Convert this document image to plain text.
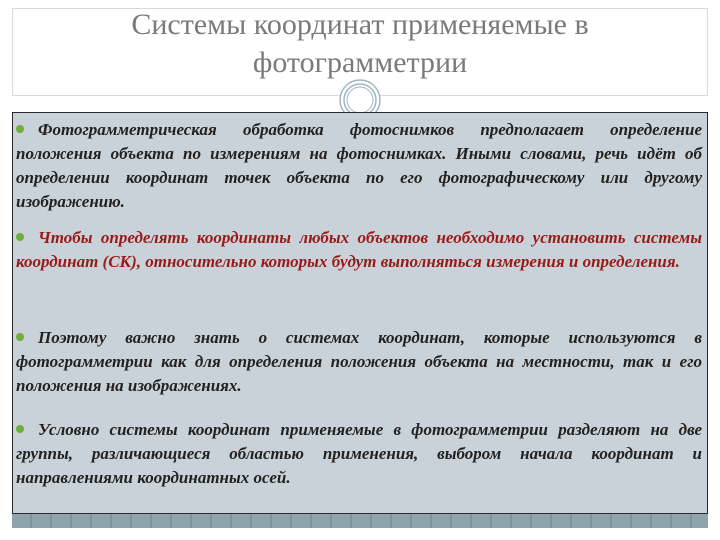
Системы координат применяемые в
фотограмметрии
Фотограмметрическая обработка фотоснимков предполагает определение положения объекта по измерениям на фотоснимках. Иными словами, речь идёт об определении координат точек объекта по его фотографическому или другому изображению.
Чтобы определять координаты любых объектов необходимо установить системы координат (СК), относительно которых будут выполняться измерения и определения.
Поэтому важно знать о системах координат, которые используются в фотограмметрии как для определения положения объекта на местности, так и его положения на изображениях.
Условно системы координат применяемые в фотограмметрии разделяют на две группы, различающиеся областью применения, выбором начала координат и направлениями координатных осей.
